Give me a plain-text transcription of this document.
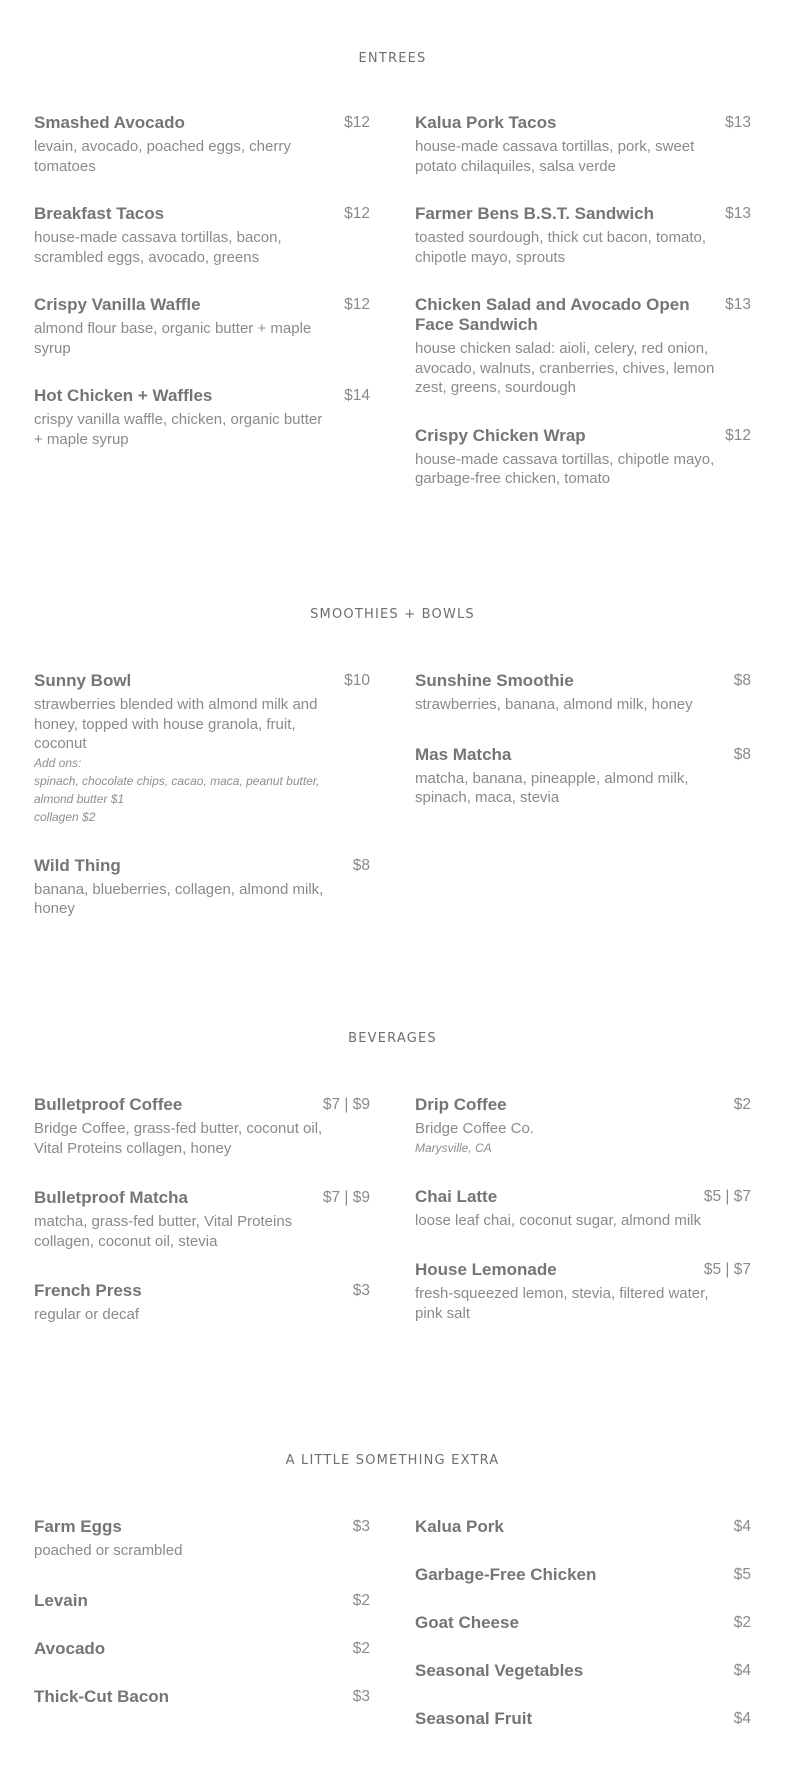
ENTREES
Smashed Avocado	$12
levain, avocado, poached eggs, cherry tomatoes
Breakfast Tacos	$12
house-made cassava tortillas, bacon, scrambled eggs, avocado, greens
Crispy Vanilla Waffle	$12
almond flour base, organic butter + maple syrup
Hot Chicken + Waffles	$14
crispy vanilla waffle, chicken, organic butter + maple syrup
Kalua Pork Tacos	$13
house-made cassava tortillas, pork, sweet potato chilaquiles, salsa verde
Farmer Bens B.S.T. Sandwich	$13
toasted sourdough, thick cut bacon, tomato, chipotle mayo, sprouts
Chicken Salad and Avocado Open Face Sandwich
$13
house chicken salad: aioli, celery, red onion, avocado, walnuts, cranberries, chives, lemon zest, greens, sourdough
Crispy Chicken Wrap	$12
house-made cassava tortillas, chipotle mayo, garbage-free chicken, tomato
SMOOTHIES + BOWLS
Sunny Bowl	$10
strawberries blended with almond milk and honey, topped with house granola, fruit, coconut
Add ons:
spinach, chocolate chips, cacao, maca, peanut butter, almond butter $1
collagen $2
Wild Thing	$8
banana, blueberries, collagen, almond milk, honey
Sunshine Smoothie	$8
strawberries, banana, almond milk, honey
Mas Matcha	$8
matcha, banana, pineapple, almond milk, spinach, maca, stevia
BEVERAGES
Bulletproof Coffee	$7 | $9
Bridge Coffee, grass-fed butter, coconut oil, Vital Proteins collagen, honey
Bulletproof Matcha	$7 | $9
matcha, grass-fed butter, Vital Proteins collagen, coconut oil, stevia
French Press	$3
regular or decaf
Drip Coffee	$2
Bridge Coffee Co.
Marysville, CA
Chai Latte	$5 | $7
loose leaf chai, coconut sugar, almond milk
House Lemonade	$5 | $7
fresh-squeezed lemon, stevia, filtered water, pink salt
A LITTLE SOMETHING EXTRA
Farm Eggs	$3
poached or scrambled
Levain	$2
Avocado	$2
Thick-Cut Bacon	$3
Kalua Pork	$4
Garbage-Free Chicken	$5
Goat Cheese	$2
Seasonal Vegetables	$4
Seasonal Fruit	$4
